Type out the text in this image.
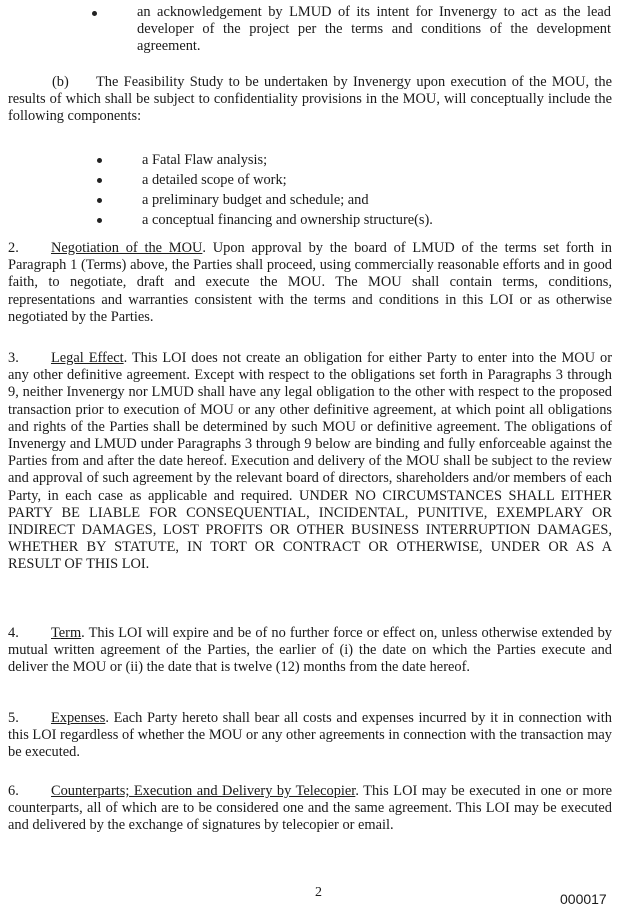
an acknowledgement by LMUD of its intent for Invenergy to act as the lead developer of the project per the terms and conditions of the development agreement.

(b) The Feasibility Study to be undertaken by Invenergy upon execution of the MOU, the results of which shall be subject to confidentiality provisions in the MOU, will conceptually include the following components:

a Fatal Flaw analysis;
a detailed scope of work;
a preliminary budget and schedule; and
a conceptual financing and ownership structure(s).

2. Negotiation of the MOU. Upon approval by the board of LMUD of the terms set forth in Paragraph 1 (Terms) above, the Parties shall proceed, using commercially reasonable efforts and in good faith, to negotiate, draft and execute the MOU. The MOU shall contain terms, conditions, representations and warranties consistent with the terms and conditions in this LOI or as otherwise negotiated by the Parties.

3. Legal Effect. This LOI does not create an obligation for either Party to enter into the MOU or any other definitive agreement. Except with respect to the obligations set forth in Paragraphs 3 through 9, neither Invenergy nor LMUD shall have any legal obligation to the other with respect to the proposed transaction prior to execution of MOU or any other definitive agreement, at which point all obligations and rights of the Parties shall be determined by such MOU or definitive agreement. The obligations of Invenergy and LMUD under Paragraphs 3 through 9 below are binding and fully enforceable against the Parties from and after the date hereof. Execution and delivery of the MOU shall be subject to the review and approval of such agreement by the relevant board of directors, shareholders and/or members of each Party, in each case as applicable and required. UNDER NO CIRCUMSTANCES SHALL EITHER PARTY BE LIABLE FOR CONSEQUENTIAL, INCIDENTAL, PUNITIVE, EXEMPLARY OR INDIRECT DAMAGES, LOST PROFITS OR OTHER BUSINESS INTERRUPTION DAMAGES, WHETHER BY STATUTE, IN TORT OR CONTRACT OR OTHERWISE, UNDER OR AS A RESULT OF THIS LOI.

4. Term. This LOI will expire and be of no further force or effect on, unless otherwise extended by mutual written agreement of the Parties, the earlier of (i) the date on which the Parties execute and deliver the MOU or (ii) the date that is twelve (12) months from the date hereof.

5. Expenses. Each Party hereto shall bear all costs and expenses incurred by it in connection with this LOI regardless of whether the MOU or any other agreements in connection with the transaction may be executed.

6. Counterparts; Execution and Delivery by Telecopier. This LOI may be executed in one or more counterparts, all of which are to be considered one and the same agreement. This LOI may be executed and delivered by the exchange of signatures by telecopier or email.

2	000017
